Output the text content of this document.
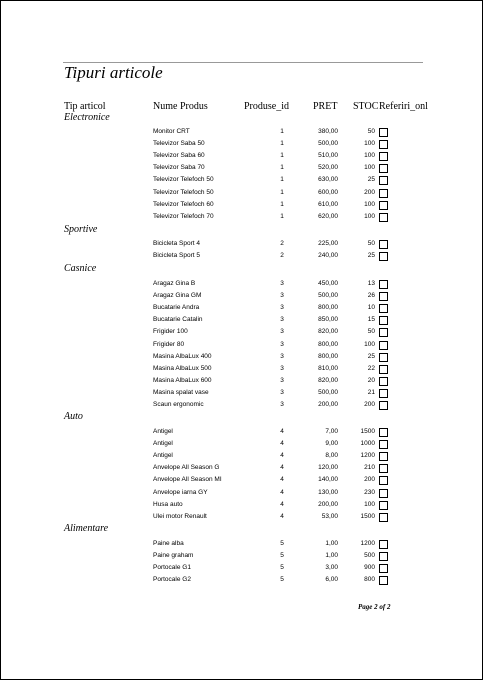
Tipuri articole
Tip articol	Nume Produs	Produse_id PRET STOC Referiri_onl
Electronice
Monitor CRT	1	380,00	50
Televizor Saba 50	1	500,00	100
Televizor Saba 60	1	510,00	100
Televizor Saba 70	1	520,00	100
Televizor Telefoch 50	1	630,00	25
Televizor Telefoch 50	1	600,00	200
Televizor Telefoch 60	1	610,00	100
Televizor Telefoch 70	1	620,00	100
Sportive
Bicicleta Sport 4	2	225,00	50
Bicicleta Sport 5	2	240,00	25
Casnice
Aragaz Gina B	3	450,00	13
Aragaz Gina GM	3	500,00	26
Bucatarie Andra	3	800,00	10
Bucatarie Catalin	3	850,00	15
Frigider 100	3	820,00	50
Frigider 80	3	800,00	100
Masina AlbaLux 400	3	800,00	25
Masina AlbaLux 500	3	810,00	22
Masina AlbaLux 600	3	820,00	20
Masina spalat vase	3	500,00	21
Scaun ergonomic	3	200,00	200
Auto
Antigel	4	7,00	1500
Antigel	4	9,00	1000
Antigel	4	8,00	1200
Anvelope All Season G	4	120,00	210
Anvelope All Season MI	4	140,00	200
Anvelope iarna GY	4	130,00	230
Husa auto	4	200,00	100
Ulei motor Renault	4	53,00	1500
Alimentare
Paine alba	5	1,00	1200
Paine graham	5	1,00	500
Portocale G1	5	3,00	900
Portocale G2	5	6,00	800
Page 2 of 2
